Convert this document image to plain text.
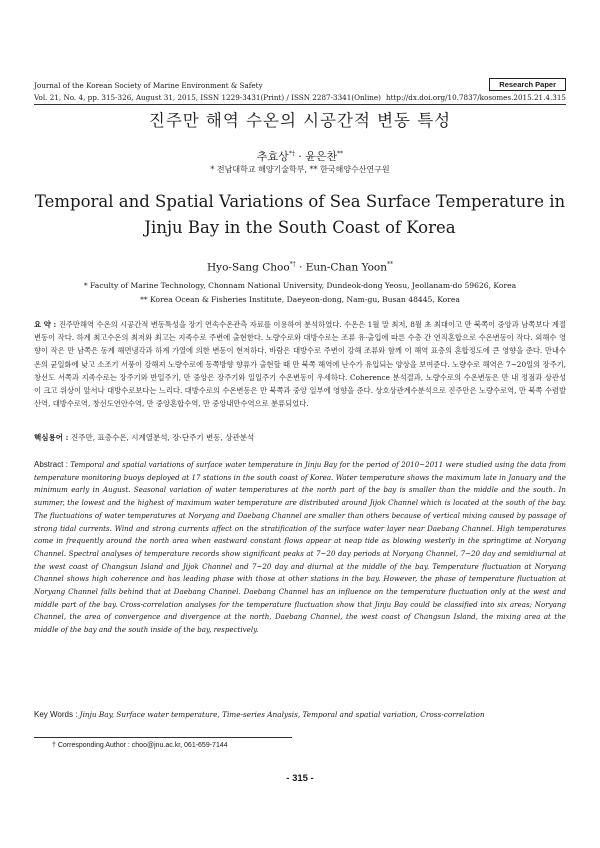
Journal of the Korean Society of Marine Environment & Safety
Vol. 21, No. 4, pp. 315-326, August 31, 2015, ISSN 1229-3431(Print) / ISSN 2287-3341(Online) http://dx.doi.org/10.7837/kosomes.2015.21.4.315
Research Paper
진주만 해역 수온의 시공간적 변동 특성
추효상*† · 윤은찬**
* 전남대학교 해양기술학부, ** 한국해양수산연구원
Temporal and Spatial Variations of Sea Surface Temperature in Jinju Bay in the South Coast of Korea
Hyo-Sang Choo*† · Eun-Chan Yoon**
* Faculty of Marine Technology, Chonnam National University, Dundeok-dong Yeosu, Jeollanam-do 59626, Korea
** Korea Ocean & Fisheries Institute, Daeyeon-dong, Nam-gu, Busan 48445, Korea
요 약 : 진주만해역 수온의 시공간적 변동특성을 장기 연속수온관측 자료를 이용하여 분석하였다. 수온은 1월 말 최저, 8월 초 최대이고 만 북쪽이 중앙과 남쪽보다 계절변동이 작다. 하계 최고수온의 최저와 최고는 지족수로 주변에 출현한다. 노량수로와 대방수로는 조류 유·출입에 따른 수층 간 연직혼합으로 수온변동이 작다. 외해수 영향이 작은 만 남쪽은 동계 해면냉각과 하계 가열에 의한 변동이 현저하다. 바람은 대방수로 주변이 강해 조류와 함께 이 해역 표층의 혼합정도에 큰 영향을 준다. 만내수온의 균일화에 낮고 소조기 서풍이 강해져 노량수로에 동쪽방향 향류가 출현할 때 만 북쪽 해역에 난수가 유입되는 양상을 보여준다. 노량수로 해역은 7~20일의 장주기, 창선도 서쪽과 지족수로는 장주기와 반일주기, 만 중앙은 장주기와 일일주기 수온변동이 우세하다. Coherence 분석결과, 노량수로의 수온변동은 만 내 정점과 상관성이 크고 위상이 앞서나 대방수로보다는 느리다. 대방수로의 수온변동은 만 북쪽과 중앙 일부에 영향을 준다. 상호상관계수분석으로 진주만은 노량수로역, 만 북쪽 수렴발산역, 대방수로역, 창선도연안수역, 만 중앙혼합수역, 만 중앙내만수역으로 분류되었다.
핵심용어 : 진주만, 표층수온, 시계열분석, 장·단주기 변동, 상관분석
Abstract : Temporal and spatial variations of surface water temperature in Jinju Bay for the period of 2010~2011 were studied using the data from temperature monitoring buoys deployed at 17 stations in the south coast of Korea. Water temperature shows the maximum late in January and the minimum early in August. Seasonal variation of water temperatures at the north part of the bay is smaller than the middle and the south. In summer, the lowest and the highest of maximum water temperature are distributed around Jijok Channel which is located at the south of the bay. The fluctuations of water temperatures at Noryang and Daebang Channel are smaller than others because of vertical mixing caused by passage of strong tidal currents. Wind and strong currents affect on the stratification of the surface water layer near Daebang Channel. High temperatures come in frequently around the north area when eastward constant flows appear at neap tide as blowing westerly in the springtime at Noryang Channel. Spectral analyses of temperature records show significant peaks at 7~20 day periods at Noryang Channel, 7~20 day and semidiurnal at the west coast of Changsun Island and Jijok Channel and 7~20 day and diurnal at the middle of the bay. Temperature fluctuation at Noryang Channel shows high coherence and has leading phase with those at other stations in the bay. However, the phase of temperature fluctuation at Noryang Channel falls behind that at Daebang Channel. Daebang Channel has an influence on the temperature fluctuation only at the west and middle part of the bay. Cross-correlation analyses for the temperature fluctuation show that Jinju Bay could be classified into six areas; Noryang Channel, the area of convergence and divergence at the north, Daebang Channel, the west coast of Changsun Island, the mixing area at the middle of the bay and the south inside of the bay, respectively.
Key Words : Jinju Bay, Surface water temperature, Time-series Analysis, Temporal and spatial variation, Cross-correlation
† Corresponding Author : choo@jnu.ac.kr, 061-659-7144
- 315 -
